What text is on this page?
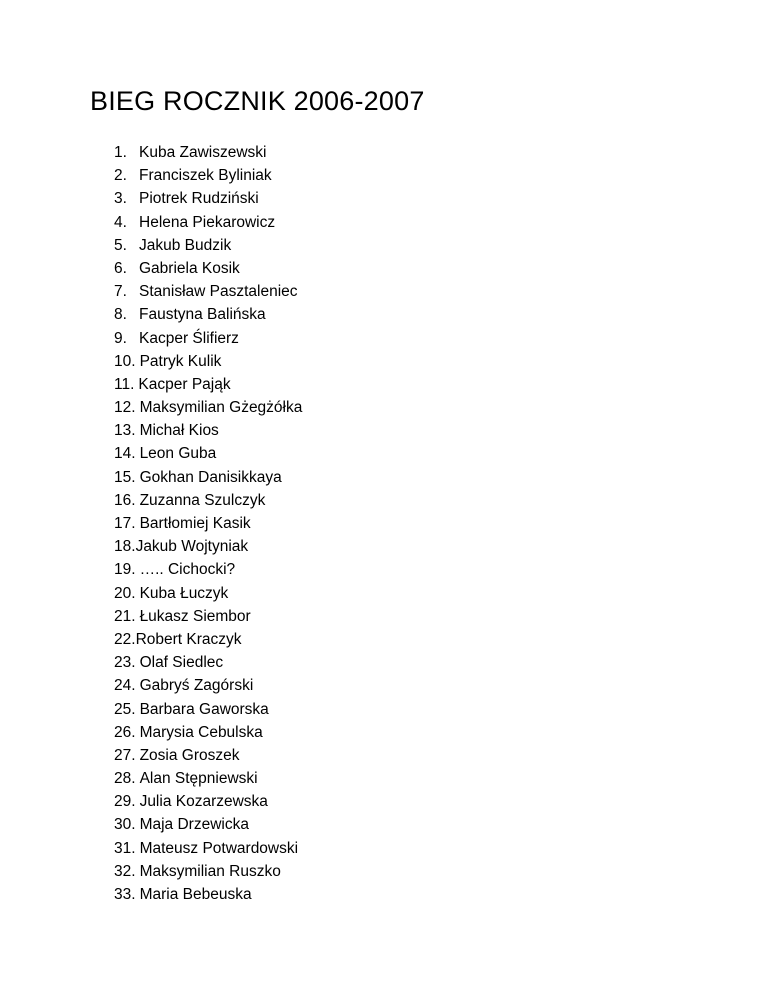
BIEG ROCZNIK 2006-2007
1. Kuba Zawiszewski
2. Franciszek Byliniak
3. Piotrek Rudziński
4. Helena Piekarowicz
5. Jakub Budzik
6. Gabriela Kosik
7. Stanisław Pasztaleniec
8. Faustyna Balińska
9. Kacper Ślifierz
10. Patryk Kulik
11. Kacper Pająk
12. Maksymilian Gżegżółka
13. Michał Kios
14. Leon Guba
15. Gokhan Danisikkaya
16. Zuzanna Szulczyk
17. Bartłomiej Kasik
18.Jakub Wojtyniak
19. ….. Cichocki?
20. Kuba Łuczyk
21. Łukasz Siembor
22.Robert Kraczyk
23. Olaf Siedlec
24. Gabryś Zagórski
25. Barbara Gaworska
26. Marysia Cebulska
27. Zosia Groszek
28. Alan Stępniewski
29. Julia Kozarzewska
30. Maja Drzewicka
31. Mateusz Potwardowski
32. Maksymilian Ruszko
33. Maria Bebeuska
